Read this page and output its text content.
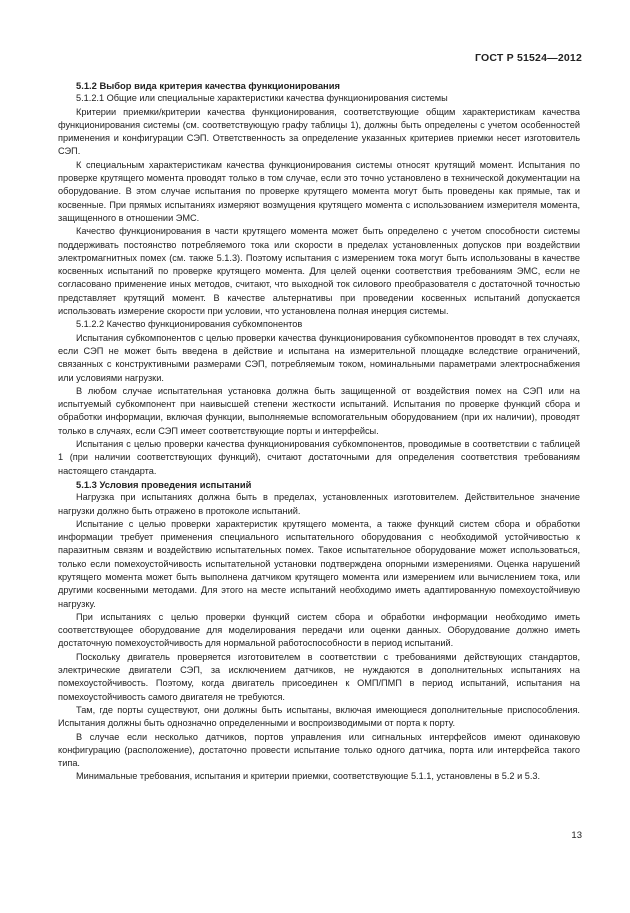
ГОСТ Р 51524—2012
5.1.2 Выбор вида критерия качества функционирования

5.1.2.1 Общие или специальные характеристики качества функционирования системы

Критерии приемки/критерии качества функционирования, соответствующие общим характеристикам качества функционирования системы (см. соответствующую графу таблицы 1), должны быть определены с учетом особенностей применения и конфигурации СЭП. Ответственность за определение указанных критериев приемки несет изготовитель СЭП.

К специальным характеристикам качества функционирования системы относят крутящий момент. Испытания по проверке крутящего момента проводят только в том случае, если это точно установлено в технической документации на оборудование. В этом случае испытания по проверке крутящего момента могут быть проведены как прямые, так и косвенные. При прямых испытаниях измеряют возмущения крутящего момента с использованием измерителя момента, защищенного в отношении ЭМС.

Качество функционирования в части крутящего момента может быть определено с учетом способности системы поддерживать постоянство потребляемого тока или скорости в пределах установленных допусков при воздействии электромагнитных помех (см. также 5.1.3). Поэтому испытания с измерением тока могут быть использованы в качестве косвенных испытаний по проверке крутящего момента. Для целей оценки соответствия требованиям ЭМС, если не согласовано применение иных методов, считают, что выходной ток силового преобразователя с достаточной точностью представляет крутящий момент. В качестве альтернативы при проведении косвенных испытаний допускается использовать измерение скорости при условии, что установлена полная инерция системы.

5.1.2.2 Качество функционирования субкомпонентов

Испытания субкомпонентов с целью проверки качества функционирования субкомпонентов проводят в тех случаях, если СЭП не может быть введена в действие и испытана на измерительной площадке вследствие ограничений, связанных с конструктивными размерами СЭП, потребляемым током, номинальными параметрами электроснабжения или условиями нагрузки.

В любом случае испытательная установка должна быть защищенной от воздействия помех на СЭП или на испытуемый субкомпонент при наивысшей степени жесткости испытаний. Испытания по проверке функций сбора и обработки информации, включая функции, выполняемые вспомогательным оборудованием (при их наличии), проводят только в случаях, если СЭП имеет соответствующие порты и интерфейсы.

Испытания с целью проверки качества функционирования субкомпонентов, проводимые в соответствии с таблицей 1 (при наличии соответствующих функций), считают достаточными для определения соответствия требованиям настоящего стандарта.

5.1.3 Условия проведения испытаний

Нагрузка при испытаниях должна быть в пределах, установленных изготовителем. Действительное значение нагрузки должно быть отражено в протоколе испытаний.

Испытание с целью проверки характеристик крутящего момента, а также функций систем сбора и обработки информации требует применения специального испытательного оборудования с необходимой устойчивостью к паразитным связям и воздействию испытательных помех. Такое испытательное оборудование может использоваться, только если помехоустойчивость испытательной установки подтверждена опорными измерениями. Оценка нарушений крутящего момента может быть выполнена датчиком крутящего момента или измерением или вычислением тока, или другими косвенными методами. Для этого на месте испытаний необходимо иметь адаптированную помехоустойчивую нагрузку.

При испытаниях с целью проверки функций систем сбора и обработки информации необходимо иметь соответствующее оборудование для моделирования передачи или оценки данных. Оборудование должно иметь достаточную помехоустойчивость для нормальной работоспособности в период испытаний.

Поскольку двигатель проверяется изготовителем в соответствии с требованиями действующих стандартов, электрические двигатели СЭП, за исключением датчиков, не нуждаются в дополнительных испытаниях на помехоустойчивость. Поэтому, когда двигатель присоединен к ОМП/ПМП в период испытаний, испытания на помехоустойчивость самого двигателя не требуются.

Там, где порты существуют, они должны быть испытаны, включая имеющиеся дополнительные приспособления. Испытания должны быть однозначно определенными и воспроизводимыми от порта к порту.

В случае если несколько датчиков, портов управления или сигнальных интерфейсов имеют одинаковую конфигурацию (расположение), достаточно провести испытание только одного датчика, порта или интерфейса такого типа.

Минимальные требования, испытания и критерии приемки, соответствующие 5.1.1, установлены в 5.2 и 5.3.

13
